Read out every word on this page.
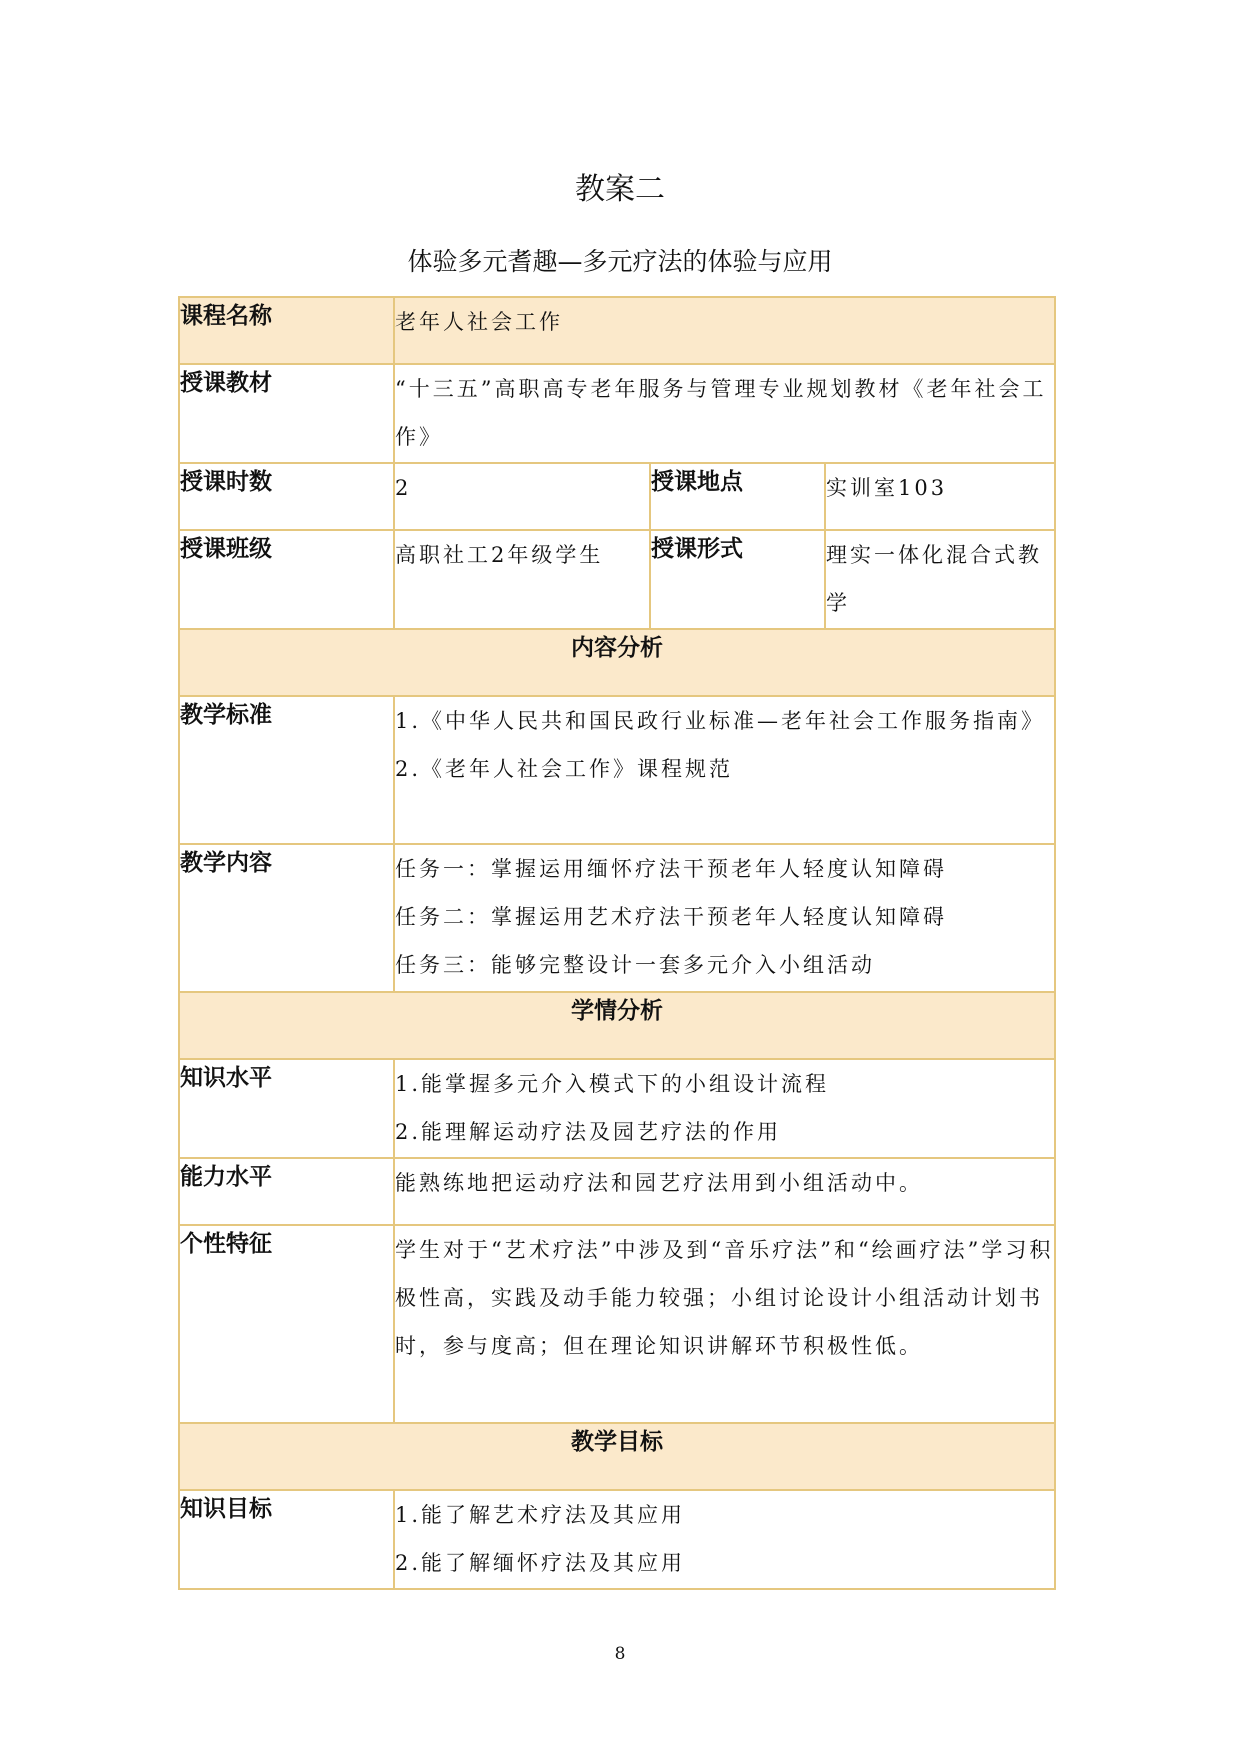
教案二
体验多元耆趣—多元疗法的体验与应用
课程名称	老年人社会工作		
授课教材	“十三五”高职高专老年服务与管理专业规划教材《老年社会工作》		
授课时数	2	授课地点	实训室103
授课班级	高职社工2年级学生	授课形式	理实一体化混合式教学
内容分析			
教学标准	1.《中华人民共和国民政行业标准—老年社会工作服务指南》

2.《老年人社会工作》课程规范		

教学内容	任务一：掌握运用缅怀疗法干预老年人轻度认知障碍

任务二：掌握运用艺术疗法干预老年人轻度认知障碍

任务三：能够完整设计一套多元介入小组活动		

学情分析			
知识水平	1.能掌握多元介入模式下的小组设计流程

2.能理解运动疗法及园艺疗法的作用		

能力水平	能熟练地把运动疗法和园艺疗法用到小组活动中。		
个性特征	学生对于“艺术疗法”中涉及到“音乐疗法”和“绘画疗法”学习积极性高，实践及动手能力较强；小组讨论设计小组活动计划书时，参与度高；但在理论知识讲解环节积极性低。		
教学目标			
知识目标	1.能了解艺术疗法及其应用

2.能了解缅怀疗法及其应用		

8
